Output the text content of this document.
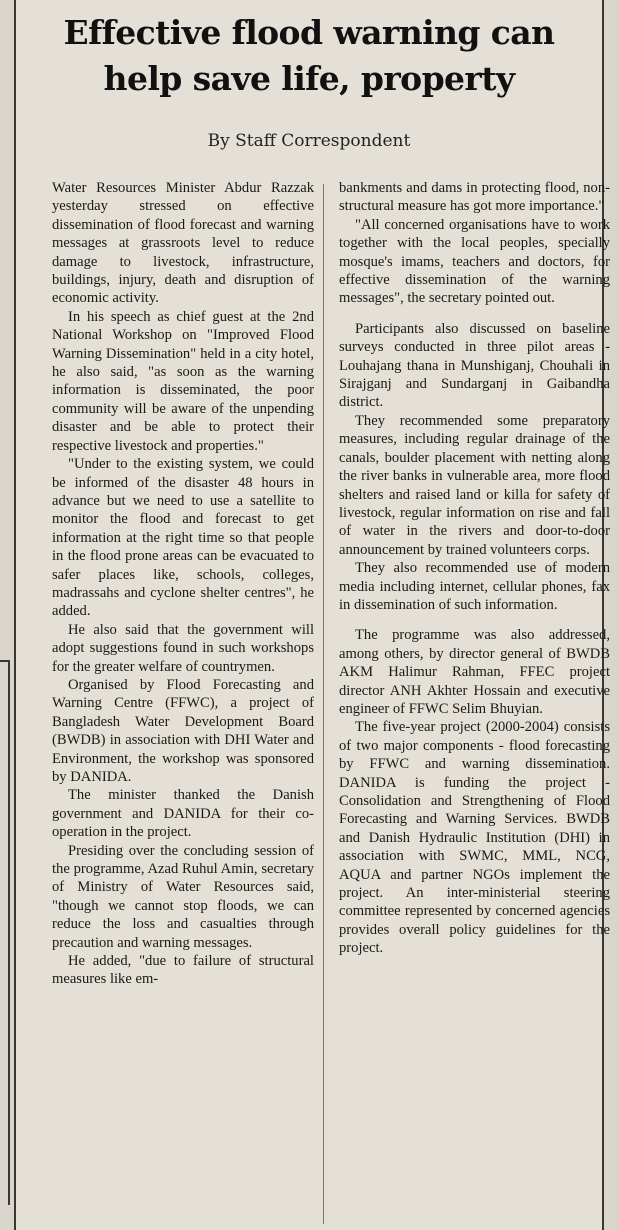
Effective flood warning can help save life, property

By Staff Correspondent

Water Resources Minister Abdur Razzak yesterday stressed on effective dissemination of flood forecast and warning messages at grassroots level to reduce damage to livestock, infrastructure, buildings, injury, death and disruption of economic activity.

In his speech as chief guest at the 2nd National Workshop on "Improved Flood Warning Dissemination" held in a city hotel, he also said, "as soon as the warning information is disseminated, the poor community will be aware of the unpending disaster and be able to protect their respective livestock and properties."

"Under to the existing system, we could be informed of the disaster 48 hours in advance but we need to use a satellite to monitor the flood and forecast to get information at the right time so that people in the flood prone areas can be evacuated to safer places like, schools, colleges, madrassahs and cyclone shelter centres", he added.

He also said that the government will adopt suggestions found in such workshops for the greater welfare of countrymen.

Organised by Flood Forecasting and Warning Centre (FFWC), a project of Bangladesh Water Development Board (BWDB) in association with DHI Water and Environment, the workshop was sponsored by DANIDA.

The minister thanked the Danish government and DANIDA for their co-operation in the project.

Presiding over the concluding session of the programme, Azad Ruhul Amin, secretary of Ministry of Water Resources said, "though we cannot stop floods, we can reduce the loss and casualties through precaution and warning messages.

He added, "due to failure of structural measures like em-

bankments and dams in protecting flood, non-structural measure has got more importance."

"All concerned organisations have to work together with the local peoples, specially mosque's imams, teachers and doctors, for effective dissemination of the warning messages", the secretary pointed out.

Participants also discussed on baseline surveys conducted in three pilot areas - Louhajang thana in Munshiganj, Chouhali in Sirajganj and Sundarganj in Gaibandha district.

They recommended some preparatory measures, including regular drainage of the canals, boulder placement with netting along the river banks in vulnerable area, more flood shelters and raised land or killa for safety of livestock, regular information on rise and fall of water in the rivers and door-to-door announcement by trained volunteers corps.

They also recommended use of modern media including internet, cellular phones, fax in dissemination of such information.

The programme was also addressed, among others, by director general of BWDB AKM Halimur Rahman, FFEC project director ANH Akhter Hossain and executive engineer of FFWC Selim Bhuyian.

The five-year project (2000-2004) consists of two major components - flood forecasting by FFWC and warning dissemination. DANIDA is funding the project - Consolidation and Strengthening of Flood Forecasting and Warning Services. BWDB and Danish Hydraulic Institution (DHI) in association with SWMC, MML, NCG, AQUA and partner NGOs implement the project. An inter-ministerial steering committee represented by concerned agencies provides overall policy guidelines for the project.
